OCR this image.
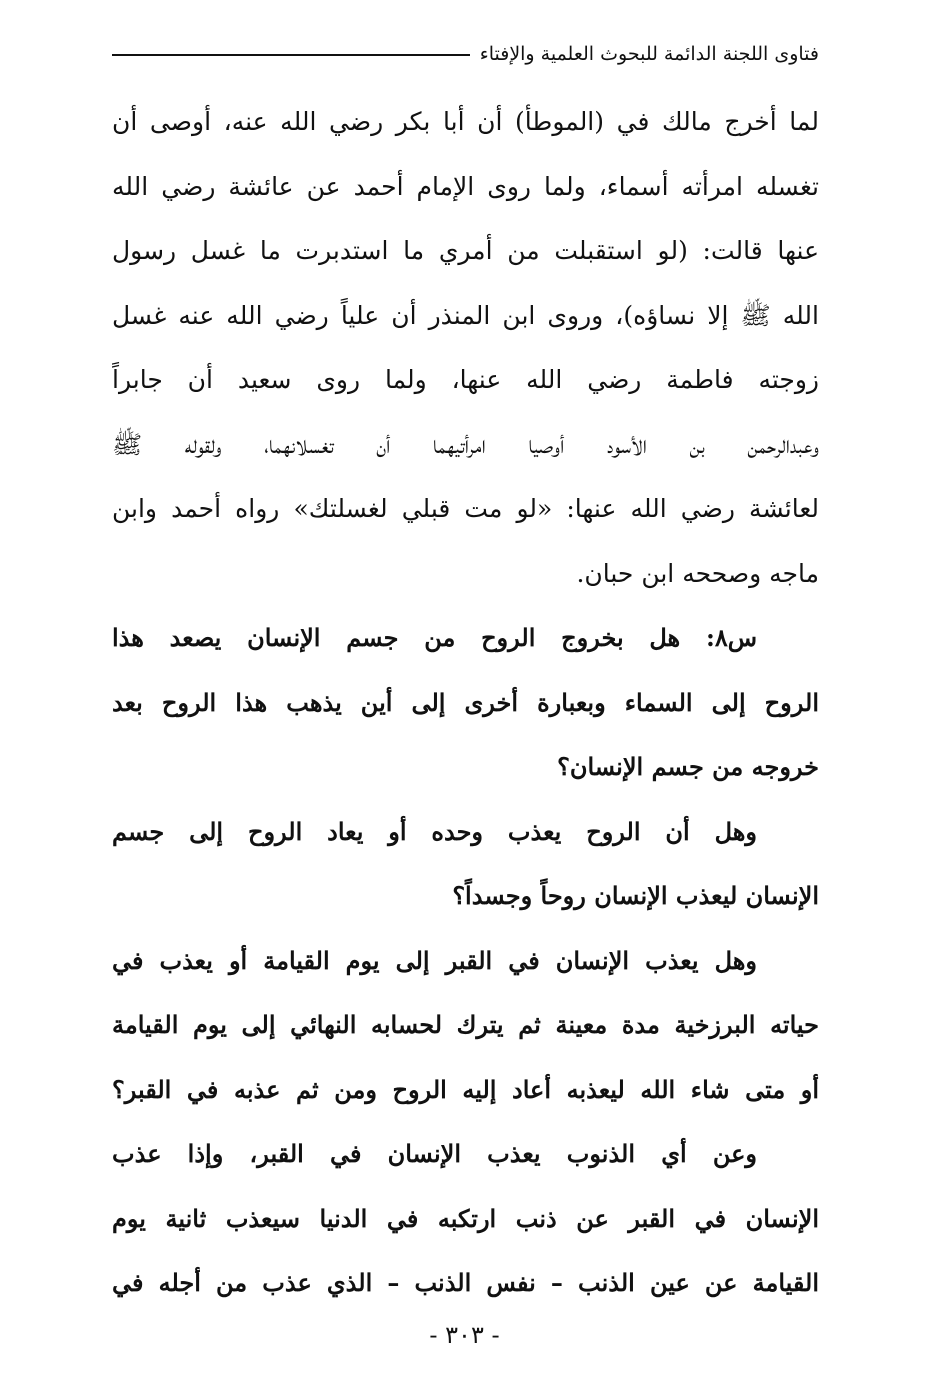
فتاوى اللجنة الدائمة للبحوث العلمية والإفتاء
لما أخرج مالك في (الموطأ) أن أبا بكر رضي الله عنه، أوصى أن
تغسله امرأته أسماء، ولما روى الإمام أحمد عن عائشة رضي الله
عنها قالت: (لو استقبلت من أمري ما استدبرت ما غسل رسول
الله ﷺ إلا نساؤه)، وروى ابن المنذر أن علياً رضي الله عنه غسل
زوجته فاطمة رضي الله عنها، ولما روى سعيد أن جابراً
وعبدالرحمن بن الأسود أوصيا امرأتيهما أن تغسلانهما، ولقوله ﷺ
لعائشة رضي الله عنها: «لو مت قبلي لغسلتك» رواه أحمد وابن
ماجه وصححه ابن حبان.
س٨: هل بخروج الروح من جسم الإنسان يصعد هذا
الروح إلى السماء وبعبارة أخرى إلى أين يذهب هذا الروح بعد
خروجه من جسم الإنسان؟
وهل أن الروح يعذب وحده أو يعاد الروح إلى جسم
الإنسان ليعذب الإنسان روحاً وجسداً؟
وهل يعذب الإنسان في القبر إلى يوم القيامة أو يعذب في
حياته البرزخية مدة معينة ثم يترك لحسابه النهائي إلى يوم القيامة
أو متى شاء الله ليعذبه أعاد إليه الروح ومن ثم عذبه في القبر؟
وعن أي الذنوب يعذب الإنسان في القبر، وإذا عذب
الإنسان في القبر عن ذنب ارتكبه في الدنيا سيعذب ثانية يوم
القيامة عن عين الذنب – نفس الذنب – الذي عذب من أجله في
- ٣٠٣ -
